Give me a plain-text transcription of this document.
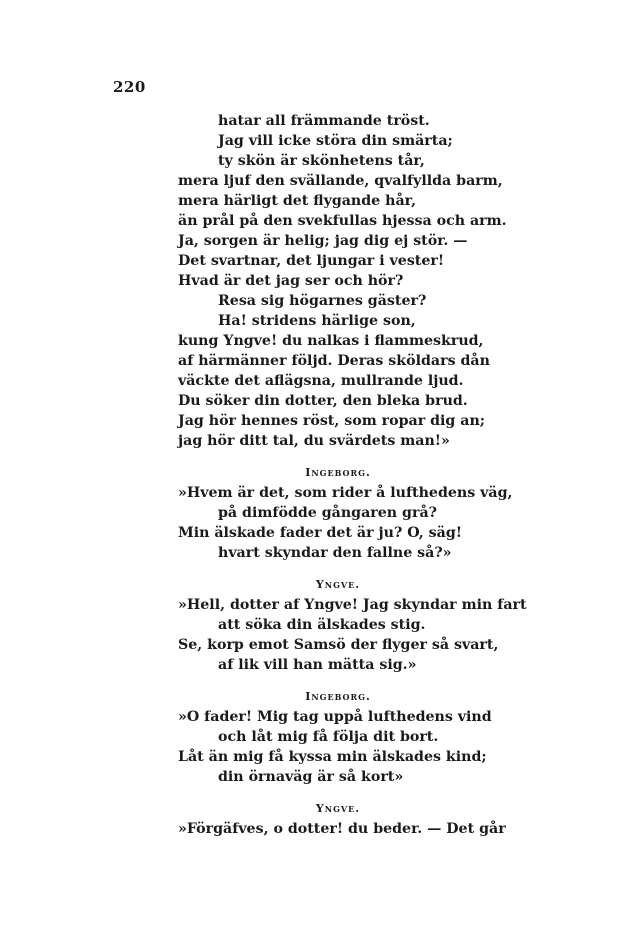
220
hatar all främmande tröst.
Jag vill icke störa din smärta;
ty skön är skönhetens tår,
mera ljuf den svällande, qvalfyllda barm,
mera härligt det flygande hår,
än prål på den svekfullas hjessa och arm.
Ja, sorgen är helig; jag dig ej stör. —
Det svartnar, det ljungar i vester!
Hvad är det jag ser och hör?
Resa sig högarnes gäster?
Ha! stridens härlige son,
kung Yngve! du nalkas i flammeskrud,
af härmänner följd. Deras sköldars dån
väckte det aflägsna, mullrande ljud.
Du söker din dotter, den bleka brud.
Jag hör hennes röst, som ropar dig an;
jag hör ditt tal, du svärdets man!»
Ingeborg.
»Hvem är det, som rider å lufthedens väg,
på dimfödde gångaren grå?
Min älskade fader det är ju? O, säg!
hvart skyndar den fallne så?»
Yngve.
»Hell, dotter af Yngve! Jag skyndar min fart
att söka din älskades stig.
Se, korp emot Samsö der flyger så svart,
af lik vill han mätta sig.»
Ingeborg.
»O fader! Mig tag uppå lufthedens vind
och låt mig få följa dit bort.
Låt än mig få kyssa min älskades kind;
din örnaväg är så kort»
Yngve.
»Förgäfves, o dotter! du beder. — Det går
